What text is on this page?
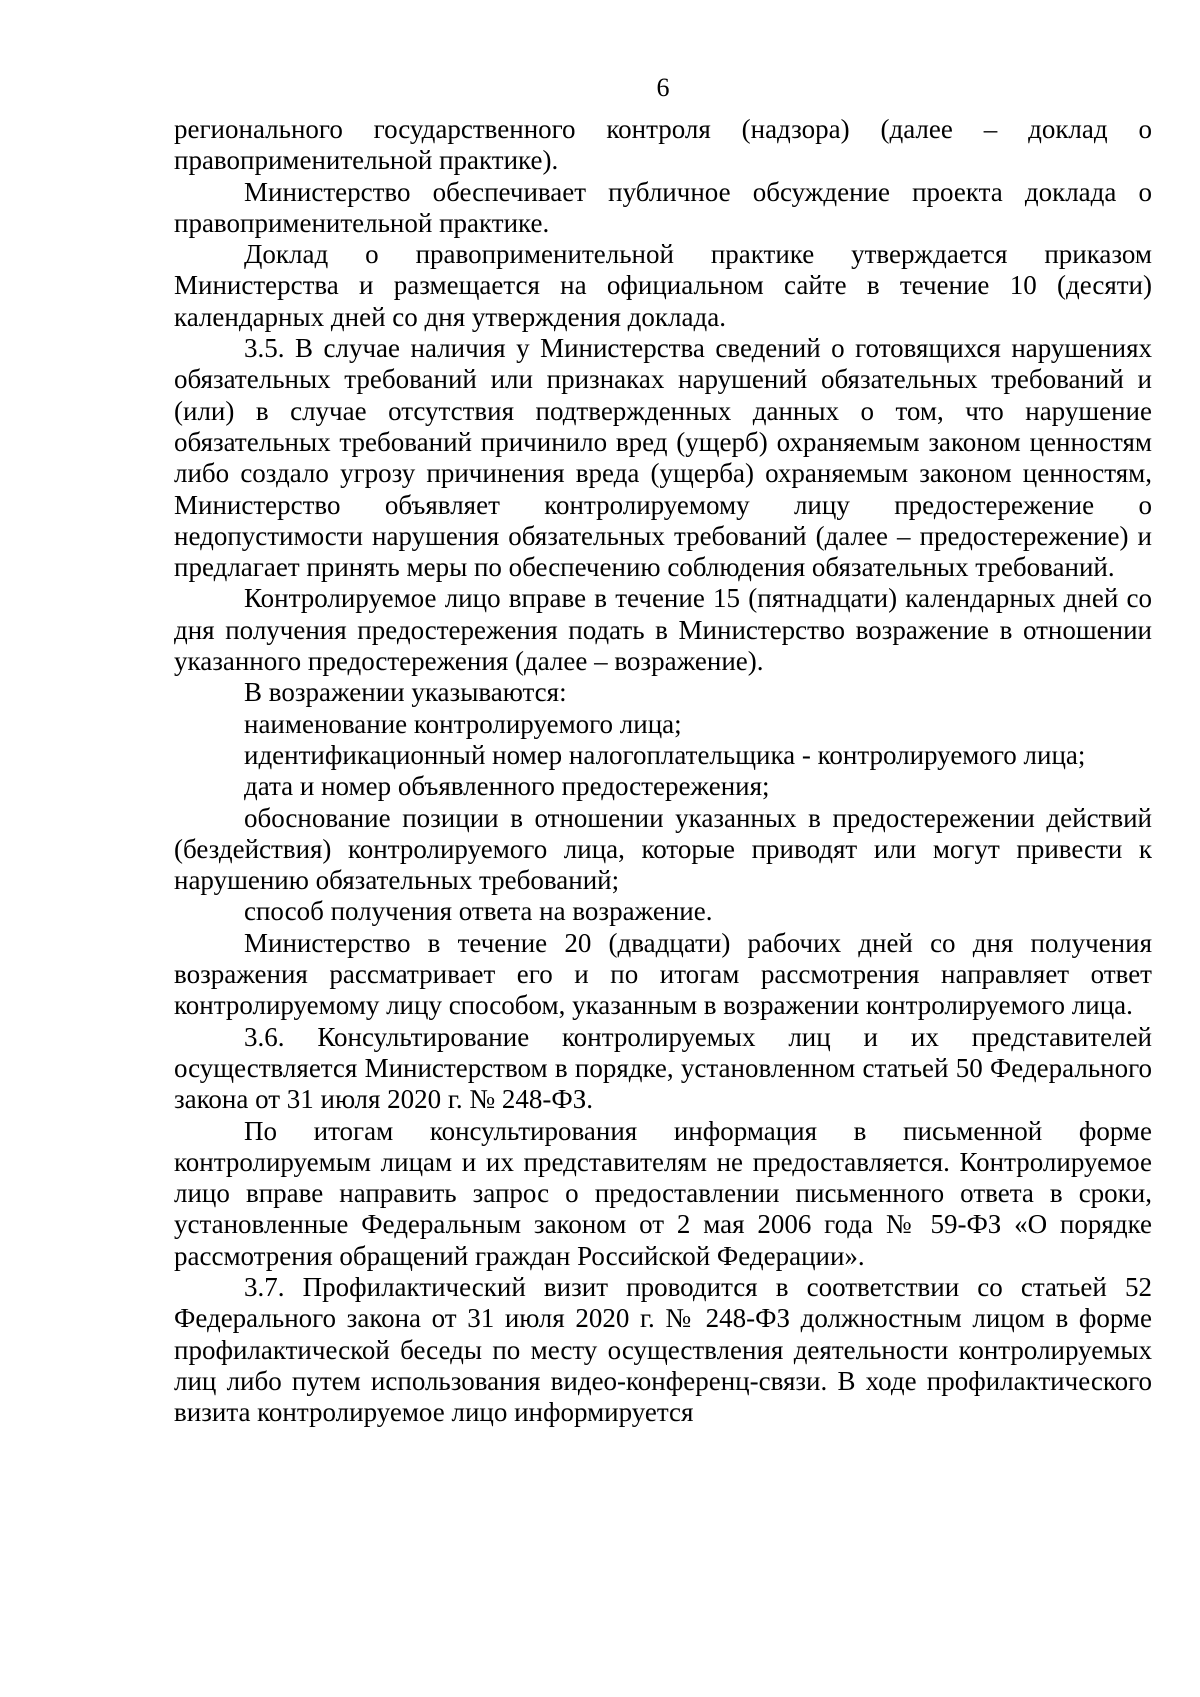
6

регионального государственного контроля (надзора) (далее – доклад о правоприменительной практике).

Министерство обеспечивает публичное обсуждение проекта доклада о правоприменительной практике.

Доклад о правоприменительной практике утверждается приказом Министерства и размещается на официальном сайте в течение 10 (десяти) календарных дней со дня утверждения доклада.

3.5. В случае наличия у Министерства сведений о готовящихся нарушениях обязательных требований или признаках нарушений обязательных требований и (или) в случае отсутствия подтвержденных данных о том, что нарушение обязательных требований причинило вред (ущерб) охраняемым законом ценностям либо создало угрозу причинения вреда (ущерба) охраняемым законом ценностям, Министерство объявляет контролируемому лицу предостережение о недопустимости нарушения обязательных требований (далее – предостережение) и предлагает принять меры по обеспечению соблюдения обязательных требований.

Контролируемое лицо вправе в течение 15 (пятнадцати) календарных дней со дня получения предостережения подать в Министерство возражение в отношении указанного предостережения (далее – возражение).

В возражении указываются:

наименование контролируемого лица;

идентификационный номер налогоплательщика - контролируемого лица;

дата и номер объявленного предостережения;

обоснование позиции в отношении указанных в предостережении действий (бездействия) контролируемого лица, которые приводят или могут привести к нарушению обязательных требований;

способ получения ответа на возражение.

Министерство в течение 20 (двадцати) рабочих дней со дня получения возражения рассматривает его и по итогам рассмотрения направляет ответ контролируемому лицу способом, указанным в возражении контролируемого лица.

3.6. Консультирование контролируемых лиц и их представителей осуществляется Министерством в порядке, установленном статьей 50 Федерального закона от 31 июля 2020 г. № 248-ФЗ.

По итогам консультирования информация в письменной форме контролируемым лицам и их представителям не предоставляется. Контролируемое лицо вправе направить запрос о предоставлении письменного ответа в сроки, установленные Федеральным законом от 2 мая 2006 года № 59-ФЗ «О порядке рассмотрения обращений граждан Российской Федерации».

3.7. Профилактический визит проводится в соответствии со статьей 52 Федерального закона от 31 июля 2020 г. № 248-ФЗ должностным лицом в форме профилактической беседы по месту осуществления деятельности контролируемых лиц либо путем использования видео-конференц-связи. В ходе профилактического визита контролируемое лицо информируется
